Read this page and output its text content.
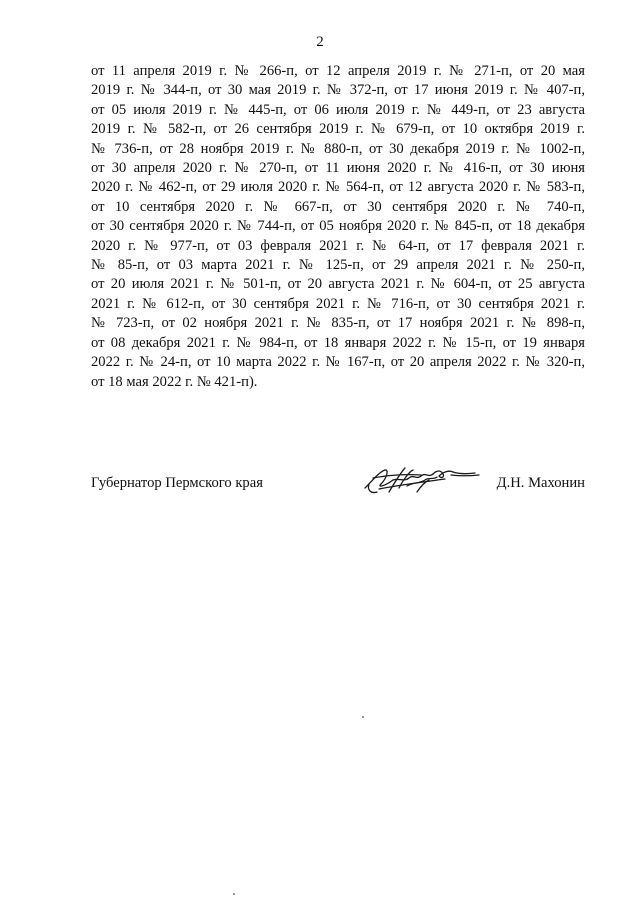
2
от 11 апреля 2019 г. № 266-п, от 12 апреля 2019 г. № 271-п, от 20 мая
2019 г. № 344-п, от 30 мая 2019 г. № 372-п, от 17 июня 2019 г. № 407-п,
от 05 июля 2019 г. № 445-п, от 06 июля 2019 г. № 449-п, от 23 августа
2019 г. № 582-п, от 26 сентября 2019 г. № 679-п, от 10 октября 2019 г.
№ 736-п, от 28 ноября 2019 г. № 880-п, от 30 декабря 2019 г. № 1002-п,
от 30 апреля 2020 г. № 270-п, от 11 июня 2020 г. № 416-п, от 30 июня
2020 г. № 462-п, от 29 июля 2020 г. № 564-п, от 12 августа 2020 г. № 583-п,
от 10 сентября 2020 г. № 667-п, от 30 сентября 2020 г. № 740-п,
от 30 сентября 2020 г. № 744-п, от 05 ноября 2020 г. № 845-п, от 18 декабря
2020 г. № 977-п, от 03 февраля 2021 г. № 64-п, от 17 февраля 2021 г.
№ 85-п, от 03 марта 2021 г. № 125-п, от 29 апреля 2021 г. № 250-п,
от 20 июля 2021 г. № 501-п, от 20 августа 2021 г. № 604-п, от 25 августа
2021 г. № 612-п, от 30 сентября 2021 г. № 716-п, от 30 сентября 2021 г.
№ 723-п, от 02 ноября 2021 г. № 835-п, от 17 ноября 2021 г. № 898-п,
от 08 декабря 2021 г. № 984-п, от 18 января 2022 г. № 15-п, от 19 января
2022 г. № 24-п, от 10 марта 2022 г. № 167-п, от 20 апреля 2022 г. № 320-п,
от 18 мая 2022 г. № 421-п).
Губернатор Пермского края	Д.Н. Махонин
